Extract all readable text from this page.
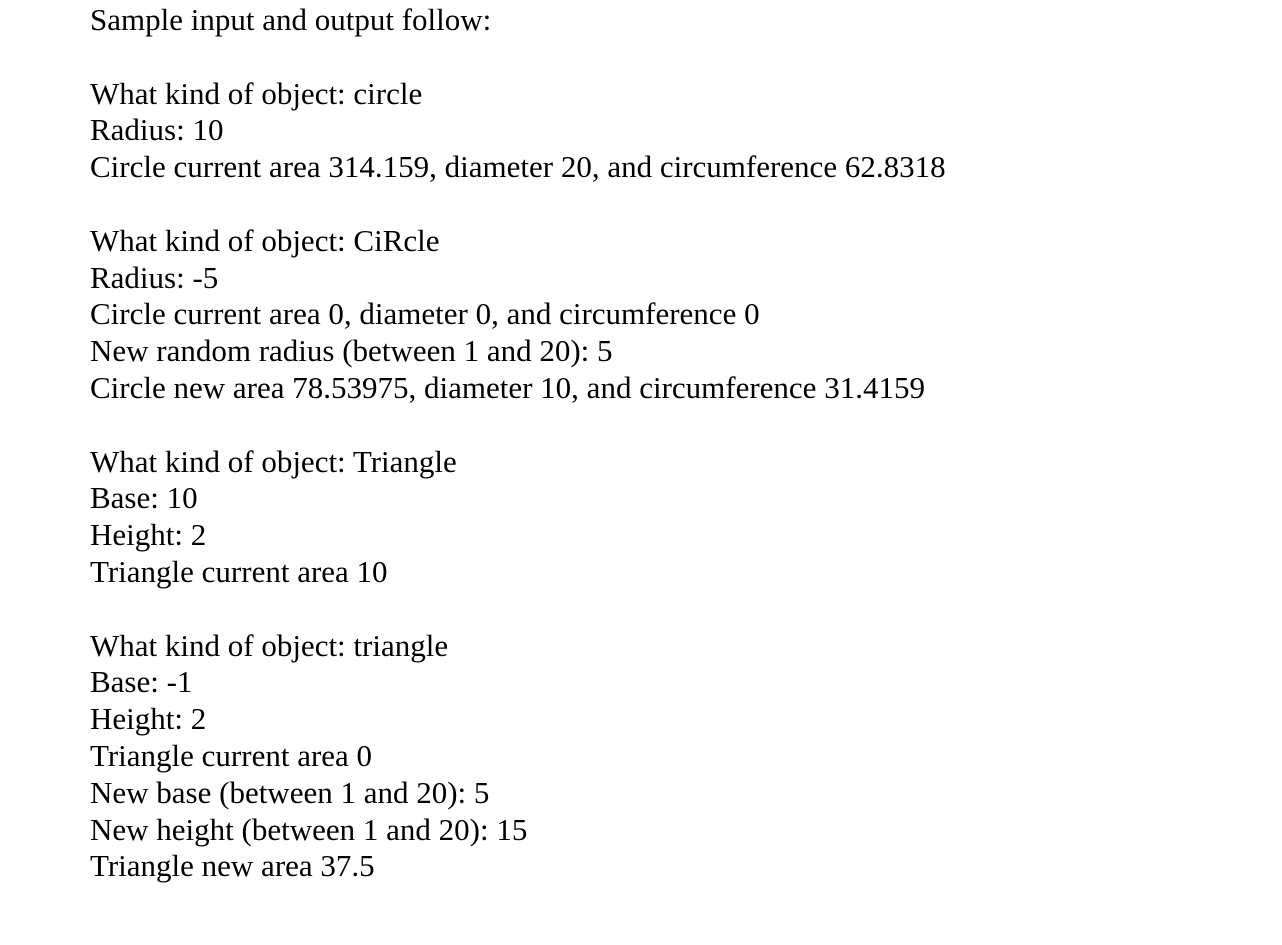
Sample input and output follow:
What kind of object: circle
Radius: 10
Circle current area 314.159, diameter 20, and circumference 62.8318
What kind of object: CiRcle
Radius: -5
Circle current area 0, diameter 0, and circumference 0
New random radius (between 1 and 20): 5
Circle new area 78.53975, diameter 10, and circumference 31.4159
What kind of object: Triangle
Base: 10
Height: 2
Triangle current area 10
What kind of object: triangle
Base: -1
Height: 2
Triangle current area 0
New base (between 1 and 20): 5
New height (between 1 and 20): 15
Triangle new area 37.5
